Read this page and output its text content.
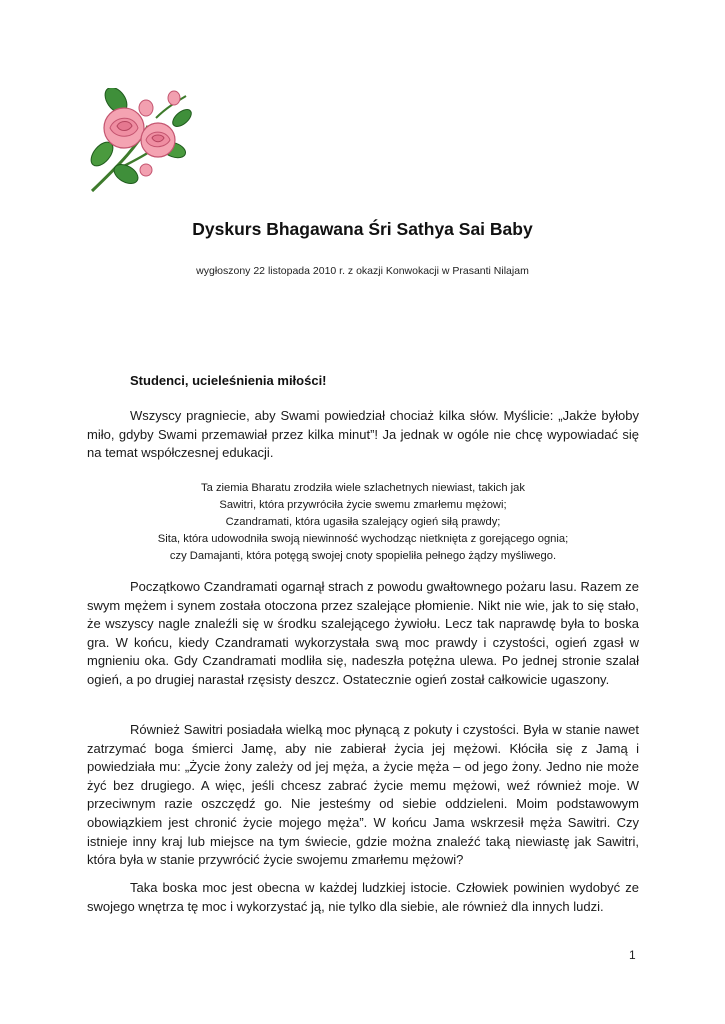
Dyskurs Bhagawana Śri Sathya Sai Baby
wygłoszony 22 listopada 2010 r. z okazji Konwokacji w Prasanti Nilajam
Studenci, ucieleśnienia miłości!

Wszyscy pragniecie, aby Swami powiedział chociaż kilka słów. Myślicie: „Jakże byłoby miło, gdyby Swami przemawiał przez kilka minut”! Ja jednak w ogóle nie chcę wypowiadać się na temat współczesnej edukacji.

Ta ziemia Bharatu zrodziła wiele szlachetnych niewiast, takich jak
Sawitri, która przywróciła życie swemu zmarłemu mężowi;
Czandramati, która ugasiła szalejący ogień siłą prawdy;
Sita, która udowodniła swoją niewinność wychodząc nietknięta z gorejącego ognia;
czy Damajanti, która potęgą swojej cnoty spopieliła pełnego żądzy myśliwego.

Początkowo Czandramati ogarnął strach z powodu gwałtownego pożaru lasu. Razem ze swym mężem i synem została otoczona przez szalejące płomienie. Nikt nie wie, jak to się stało, że wszyscy nagle znaleźli się w środku szalejącego żywiołu. Lecz tak naprawdę była to boska gra. W końcu, kiedy Czandramati wykorzystała swą moc prawdy i czystości, ogień zgasł w mgnieniu oka. Gdy Czandramati modliła się, nadeszła potężna ulewa. Po jednej stronie szalał ogień, a po drugiej narastał rzęsisty deszcz. Ostatecznie ogień został całkowicie ugaszony.

Również Sawitri posiadała wielką moc płynącą z pokuty i czystości. Była w stanie nawet zatrzymać boga śmierci Jamę, aby nie zabierał życia jej mężowi. Kłóciła się z Jamą i powiedziała mu: „Życie żony zależy od jej męża, a życie męża – od jego żony. Jedno nie może żyć bez drugiego. A więc, jeśli chcesz zabrać życie memu mężowi, weź również moje. W przeciwnym razie oszczędź go. Nie jesteśmy od siebie oddzieleni. Moim podstawowym obowiązkiem jest chronić życie mojego męża”. W końcu Jama wskrzesił męża Sawitri. Czy istnieje inny kraj lub miejsce na tym świecie, gdzie można znaleźć taką niewiastę jak Sawitri, która była w stanie przywrócić życie swojemu zmarłemu mężowi?

Taka boska moc jest obecna w każdej ludzkiej istocie. Człowiek powinien wydobyć ze swojego wnętrza tę moc i wykorzystać ją, nie tylko dla siebie, ale również dla innych ludzi.

1
